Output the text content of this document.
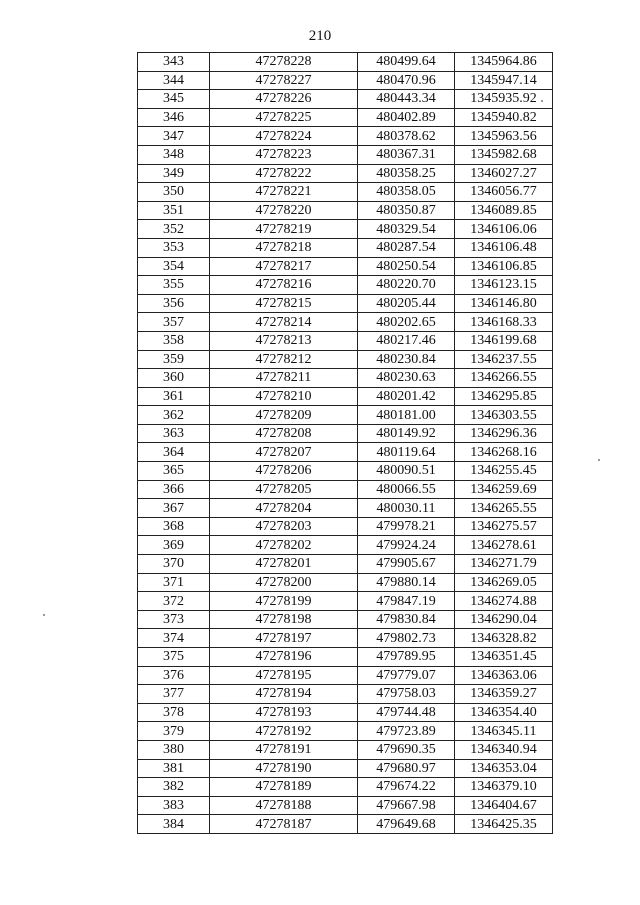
210
343	47278228	480499.64	1345964.86
344	47278227	480470.96	1345947.14
345	47278226	480443.34	1345935.92
346	47278225	480402.89	1345940.82
347	47278224	480378.62	1345963.56
348	47278223	480367.31	1345982.68
349	47278222	480358.25	1346027.27
350	47278221	480358.05	1346056.77
351	47278220	480350.87	1346089.85
352	47278219	480329.54	1346106.06
353	47278218	480287.54	1346106.48
354	47278217	480250.54	1346106.85
355	47278216	480220.70	1346123.15
356	47278215	480205.44	1346146.80
357	47278214	480202.65	1346168.33
358	47278213	480217.46	1346199.68
359	47278212	480230.84	1346237.55
360	47278211	480230.63	1346266.55
361	47278210	480201.42	1346295.85
362	47278209	480181.00	1346303.55
363	47278208	480149.92	1346296.36
364	47278207	480119.64	1346268.16
365	47278206	480090.51	1346255.45
366	47278205	480066.55	1346259.69
367	47278204	480030.11	1346265.55
368	47278203	479978.21	1346275.57
369	47278202	479924.24	1346278.61
370	47278201	479905.67	1346271.79
371	47278200	479880.14	1346269.05
372	47278199	479847.19	1346274.88
373	47278198	479830.84	1346290.04
374	47278197	479802.73	1346328.82
375	47278196	479789.95	1346351.45
376	47278195	479779.07	1346363.06
377	47278194	479758.03	1346359.27
378	47278193	479744.48	1346354.40
379	47278192	479723.89	1346345.11
380	47278191	479690.35	1346340.94
381	47278190	479680.97	1346353.04
382	47278189	479674.22	1346379.10
383	47278188	479667.98	1346404.67
384	47278187	479649.68	1346425.35
